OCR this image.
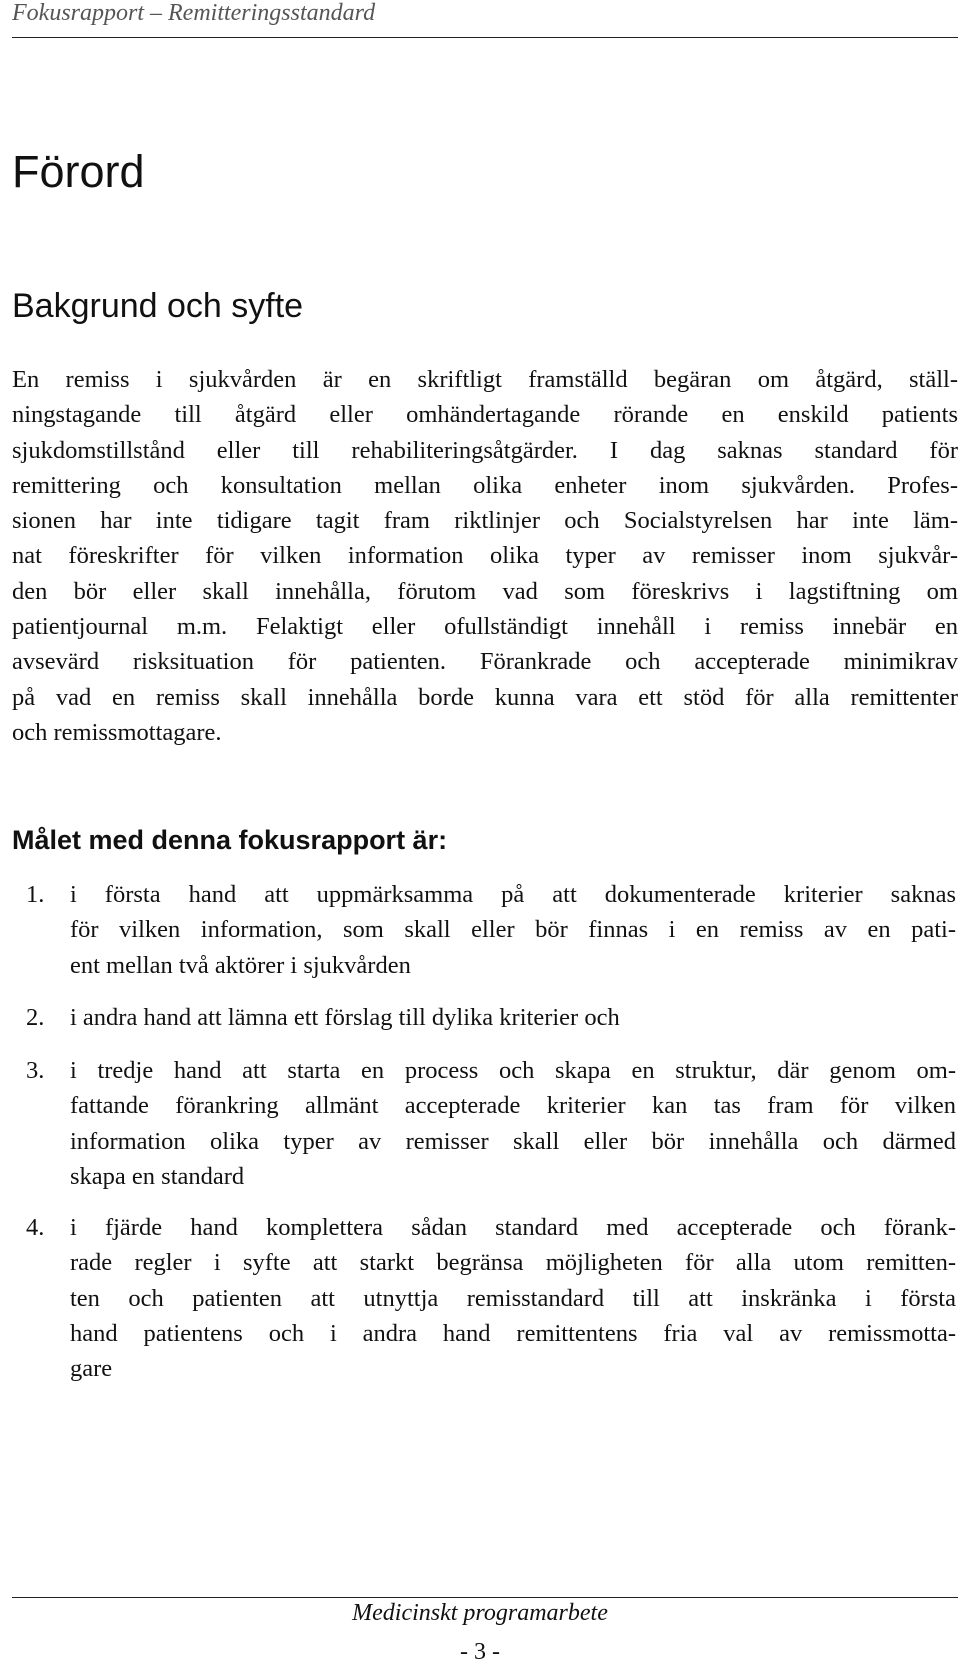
Fokusrapport – Remitteringsstandard
Förord
Bakgrund och syfte
En remiss i sjukvården är en skriftligt framställd begäran om åtgärd, ställ-
ningstagande till åtgärd eller omhändertagande rörande en enskild patients
sjukdomstillstånd eller till rehabiliteringsåtgärder. I dag saknas standard för
remittering och konsultation mellan olika enheter inom sjukvården. Profes-
sionen har inte tidigare tagit fram riktlinjer och Socialstyrelsen har inte läm-
nat föreskrifter för vilken information olika typer av remisser inom sjukvår-
den bör eller skall innehålla, förutom vad som föreskrivs i lagstiftning om
patientjournal m.m. Felaktigt eller ofullständigt innehåll i remiss innebär en
avsevärd risksituation för patienten. Förankrade och accepterade minimikrav
på vad en remiss skall innehålla borde kunna vara ett stöd för alla remittenter
och remissmottagare.
Målet med denna fokusrapport är:
1.	i första hand att uppmärksamma på att dokumenterade kriterier saknas
för vilken information, som skall eller bör finnas i en remiss av en pati-
ent mellan två aktörer i sjukvården
2.	i andra hand att lämna ett förslag till dylika kriterier och
3.	i tredje hand att starta en process och skapa en struktur, där genom om-
fattande förankring allmänt accepterade kriterier kan tas fram för vilken
information olika typer av remisser skall eller bör innehålla och därmed
skapa en standard
4.	i fjärde hand komplettera sådan standard med accepterade och förank-
rade regler i syfte att starkt begränsa möjligheten för alla utom remitten-
ten och patienten att utnyttja remisstandard till att inskränka i första
hand patientens och i andra hand remittentens fria val av remissmotta-
gare
Medicinskt programarbete
- 3 -
